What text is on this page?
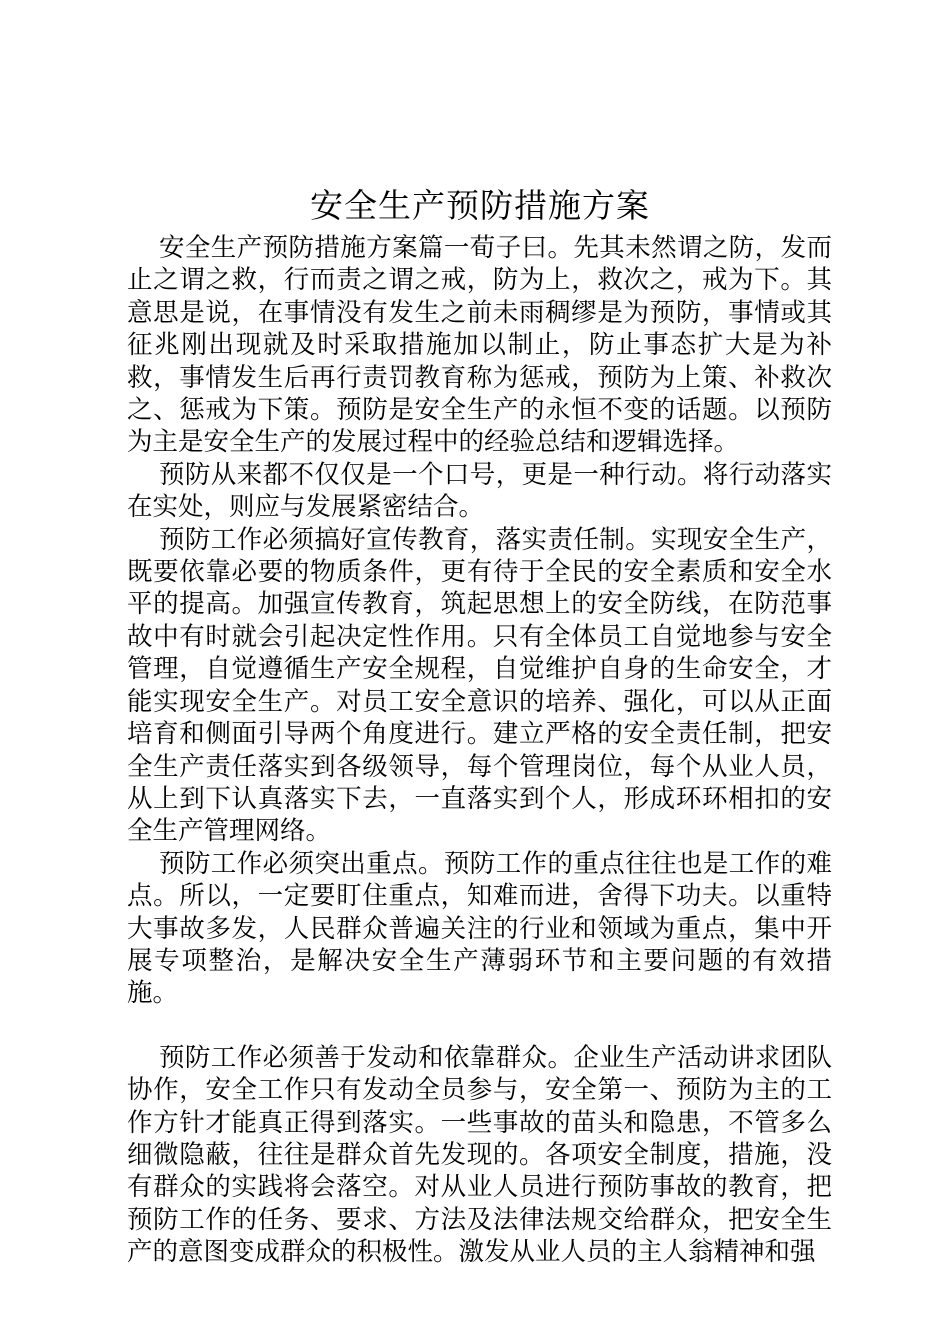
安全生产预防措施方案

安全生产预防措施方案篇一荀子曰。先其未然谓之防，发而止之谓之救，行而责之谓之戒，防为上，救次之，戒为下。其意思是说，在事情没有发生之前未雨稠缪是为预防，事情或其征兆刚出现就及时采取措施加以制止，防止事态扩大是为补救，事情发生后再行责罚教育称为惩戒，预防为上策、补救次之、惩戒为下策。预防是安全生产的永恒不变的话题。以预防为主是安全生产的发展过程中的经验总结和逻辑选择。

预防从来都不仅仅是一个口号，更是一种行动。将行动落实在实处，则应与发展紧密结合。

预防工作必须搞好宣传教育，落实责任制。实现安全生产，既要依靠必要的物质条件，更有待于全民的安全素质和安全水平的提高。加强宣传教育，筑起思想上的安全防线，在防范事故中有时就会引起决定性作用。只有全体员工自觉地参与安全管理，自觉遵循生产安全规程，自觉维护自身的生命安全，才能实现安全生产。对员工安全意识的培养、强化，可以从正面培育和侧面引导两个角度进行。建立严格的安全责任制，把安全生产责任落实到各级领导，每个管理岗位，每个从业人员，从上到下认真落实下去，一直落实到个人，形成环环相扣的安全生产管理网络。

预防工作必须突出重点。预防工作的重点往往也是工作的难点。所以，一定要盯住重点，知难而进，舍得下功夫。以重特大事故多发，人民群众普遍关注的行业和领域为重点，集中开展专项整治，是解决安全生产薄弱环节和主要问题的有效措施。

预防工作必须善于发动和依靠群众。企业生产活动讲求团队协作，安全工作只有发动全员参与，安全第一、预防为主的工作方针才能真正得到落实。一些事故的苗头和隐患，不管多么细微隐蔽，往往是群众首先发现的。各项安全制度，措施，没有群众的实践将会落空。对从业人员进行预防事故的教育，把预防工作的任务、要求、方法及法律法规交给群众，把安全生产的意图变成群众的积极性。激发从业人员的主人翁精神和强
